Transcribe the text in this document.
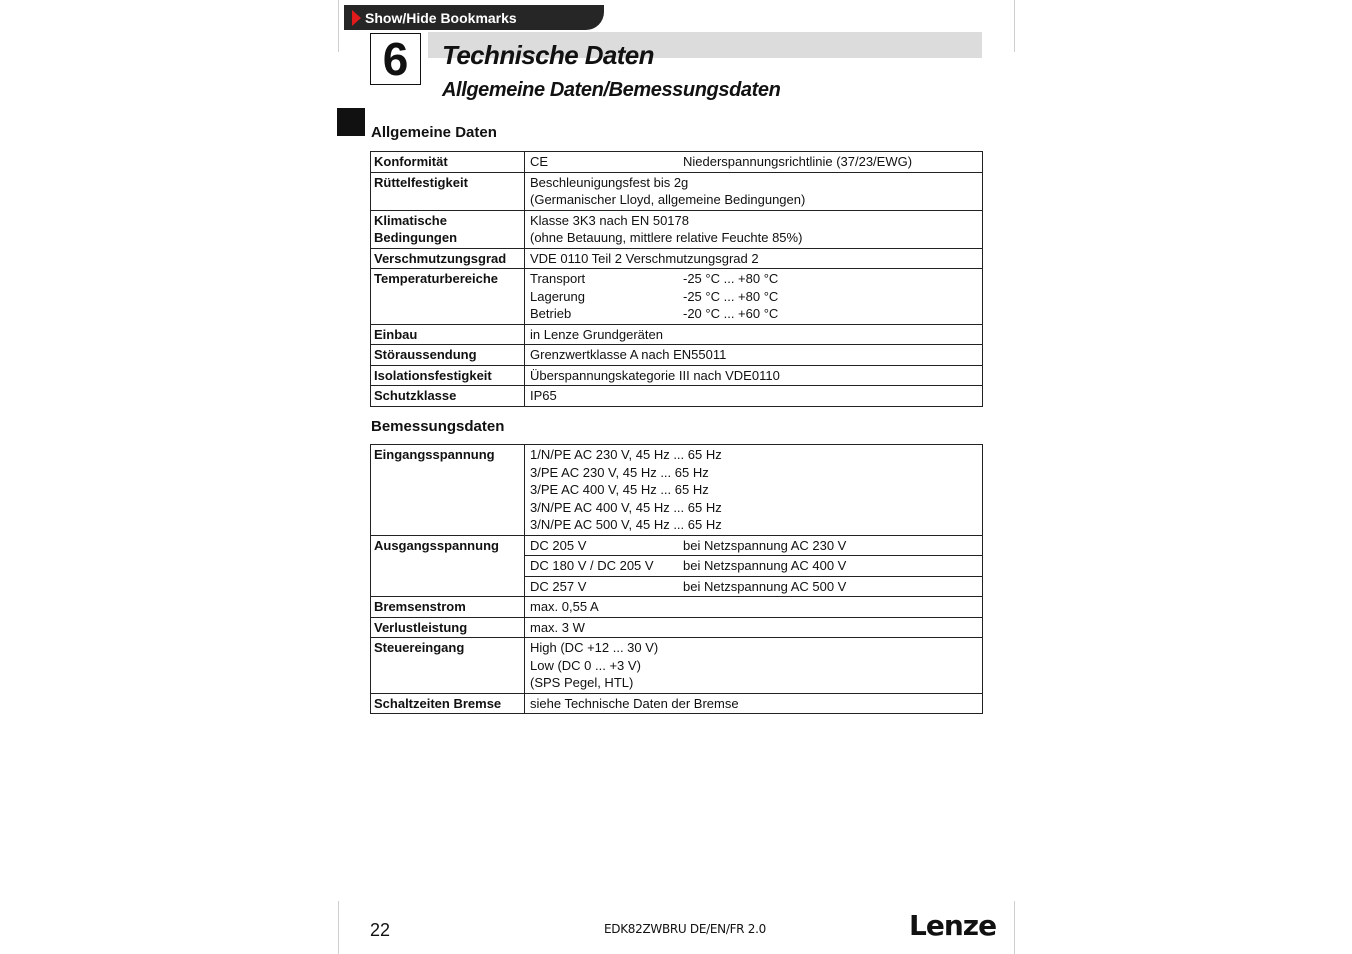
Show/Hide Bookmarks
6	Technische Daten
Allgemeine Daten/Bemessungsdaten
Allgemeine Daten
Konformität	CE Niederspannungsrichtlinie (37/23/EWG)
Rüttelfestigkeit	Beschleunigungsfest bis 2g
(Germanischer Lloyd, allgemeine Bedingungen)

Klimatische
Bedingungen	Klasse 3K3 nach EN 50178
(ohne Betauung, mittlere relative Feuchte 85%)

Verschmutzungsgrad	VDE 0110 Teil 2 Verschmutzungsgrad 2
Temperaturbereiche	Transport -25 °C ... +80 °C
Lagerung -25 °C ... +80 °C
Betrieb -20 °C ... +60 °C

Einbau	in Lenze Grundgeräten
Störaussendung	Grenzwertklasse A nach EN55011
Isolationsfestigkeit	Überspannungskategorie III nach VDE0110
Schutzklasse	IP65
Bemessungsdaten
Eingangsspannung	1/N/PE AC 230 V, 45 Hz ... 65 Hz
3/PE AC 230 V, 45 Hz ... 65 Hz
3/PE AC 400 V, 45 Hz ... 65 Hz
3/N/PE AC 400 V, 45 Hz ... 65 Hz
3/N/PE AC 500 V, 45 Hz ... 65 Hz

Ausgangsspannung	DC 205 V bei Netzspannung AC 230 V
	DC 180 V / DC 205 V bei Netzspannung AC 400 V
	DC 257 V bei Netzspannung AC 500 V
Bremsenstrom	max. 0,55 A
Verlustleistung	max. 3 W
Steuereingang	High (DC +12 ... 30 V)
Low (DC 0 ... +3 V)
(SPS Pegel, HTL)

Schaltzeiten Bremse	siehe Technische Daten der Bremse
22	EDK82ZWBRU DE/EN/FR 2.0	Lenze
